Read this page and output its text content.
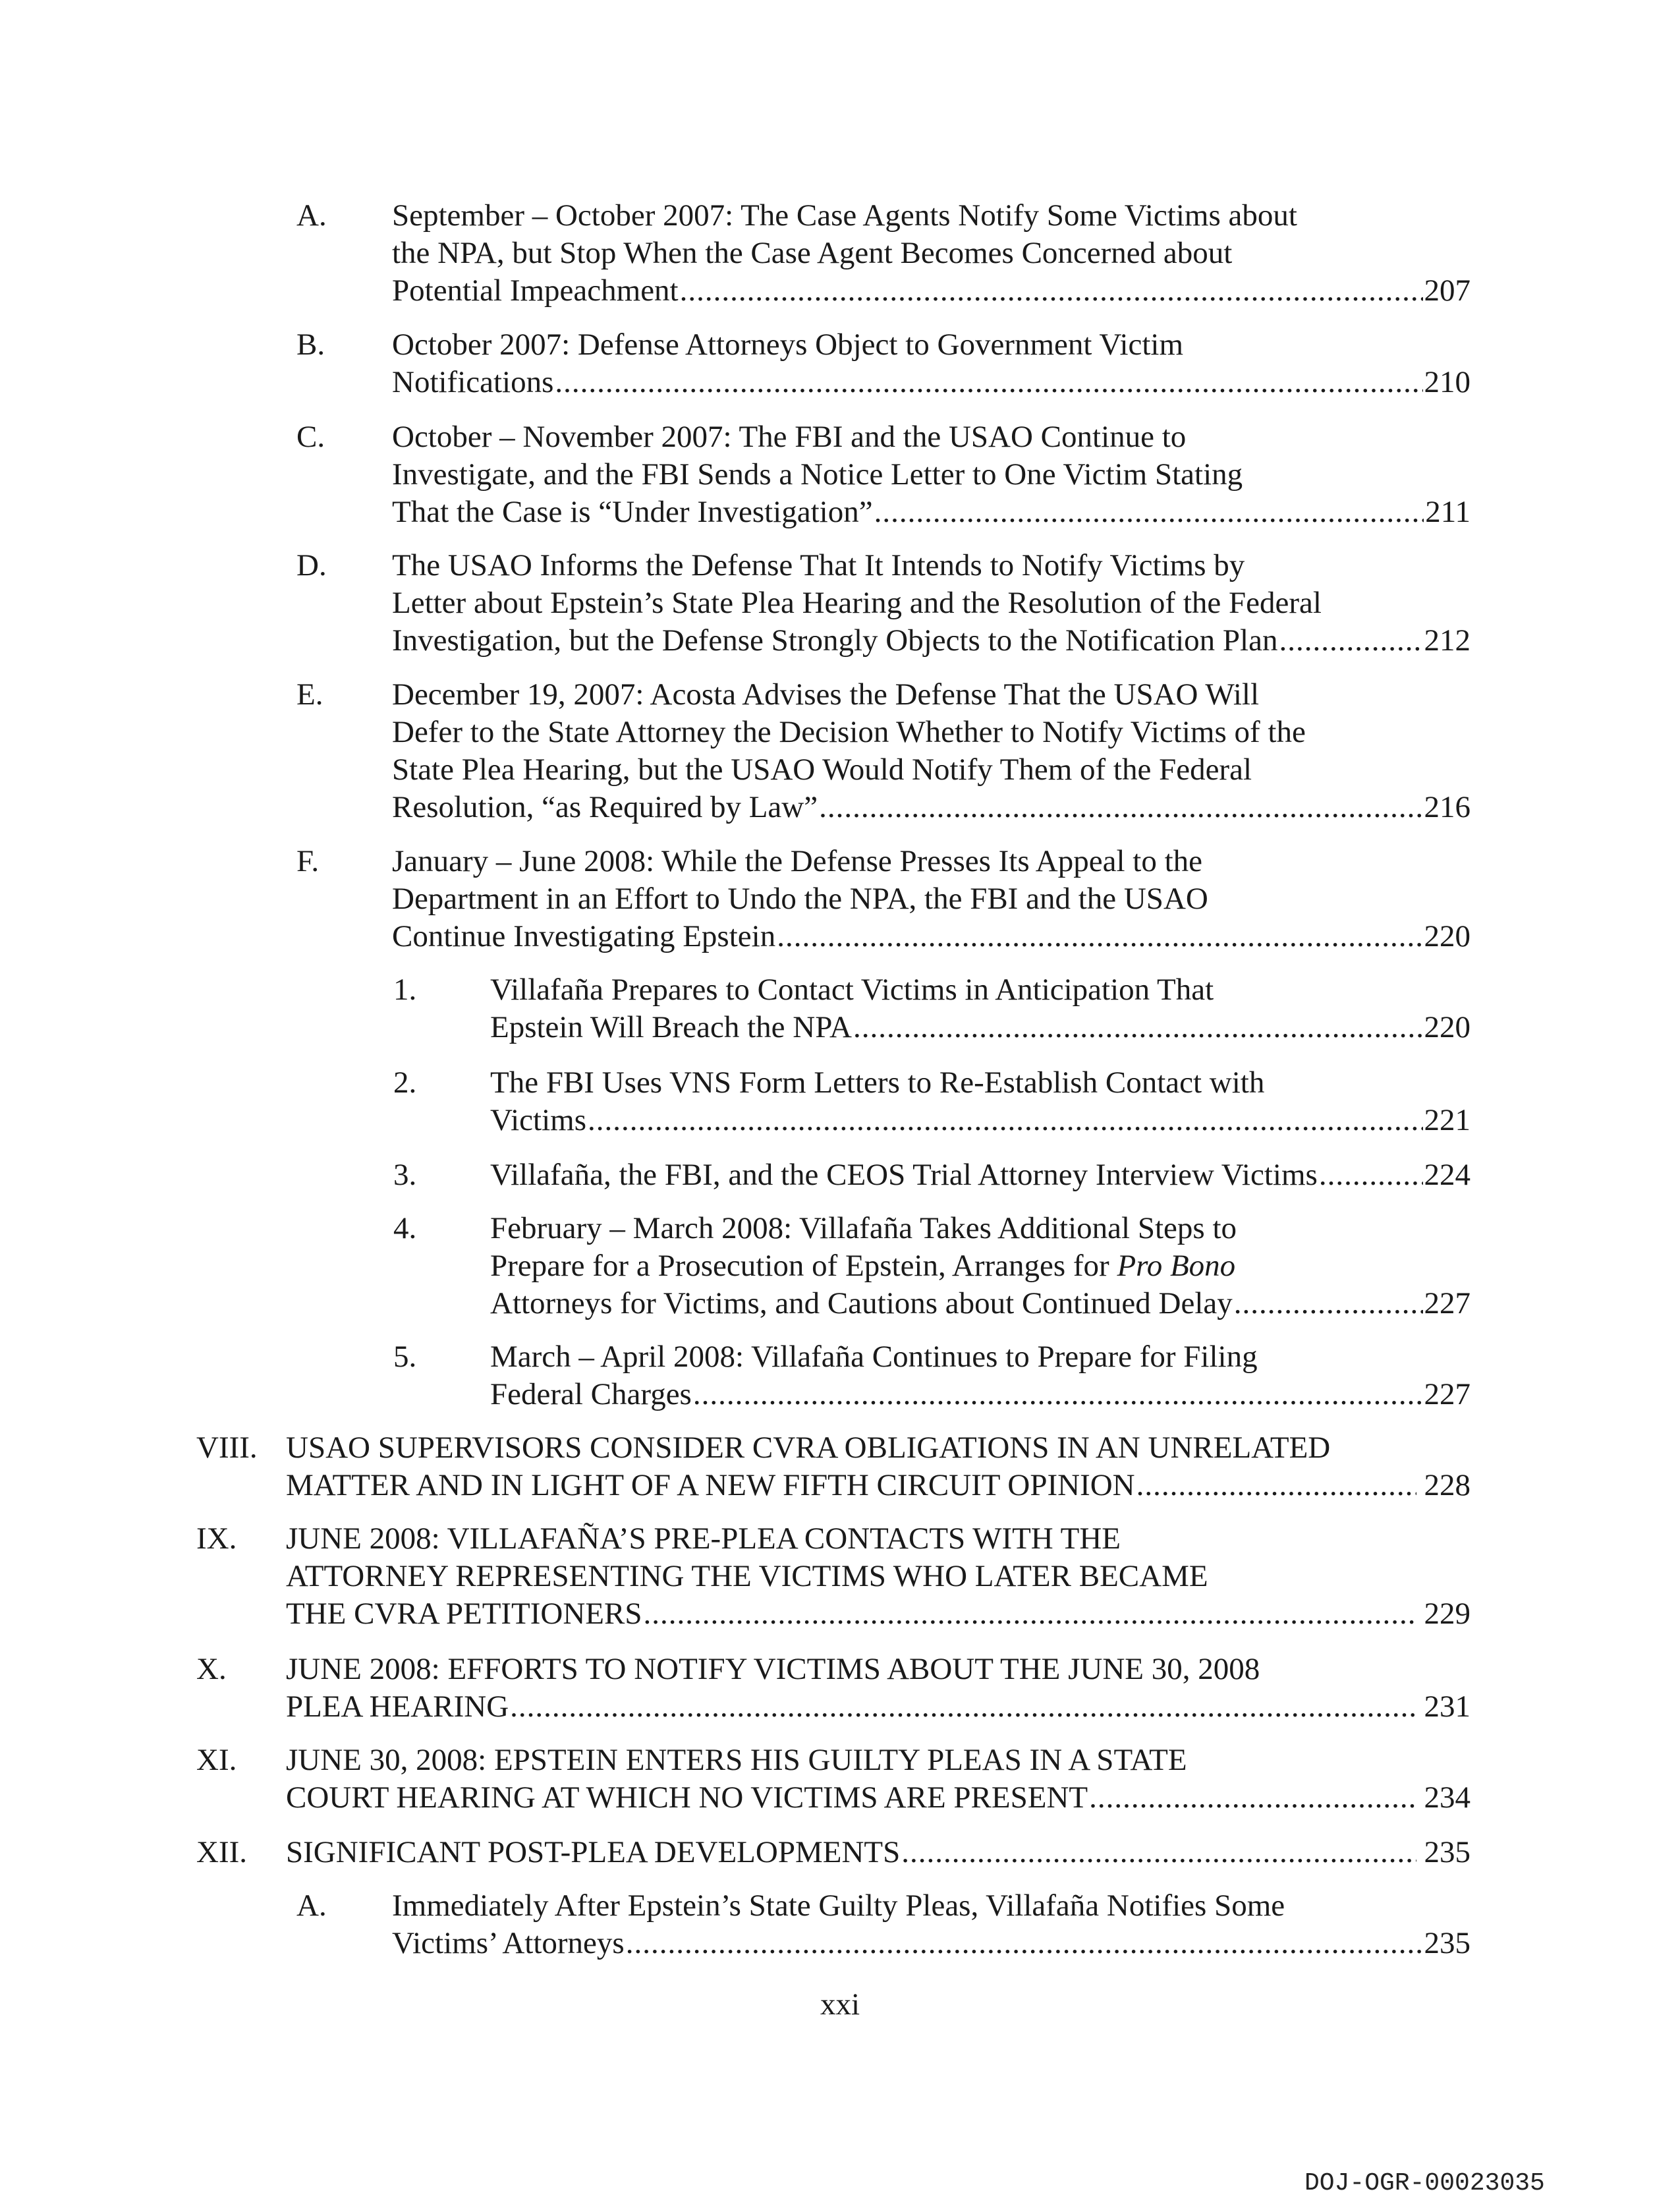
A. September – October 2007: The Case Agents Notify Some Victims about
the NPA, but Stop When the Case Agent Becomes Concerned about
Potential Impeachment .....	207
B. October 2007: Defense Attorneys Object to Government Victim
Notifications .....	210
C. October – November 2007: The FBI and the USAO Continue to
Investigate, and the FBI Sends a Notice Letter to One Victim Stating
That the Case is “Under Investigation” .....	211
D. The USAO Informs the Defense That It Intends to Notify Victims by
Letter about Epstein’s State Plea Hearing and the Resolution of the Federal
Investigation, but the Defense Strongly Objects to the Notification Plan .....	212
E. December 19, 2007: Acosta Advises the Defense That the USAO Will
Defer to the State Attorney the Decision Whether to Notify Victims of the
State Plea Hearing, but the USAO Would Notify Them of the Federal
Resolution, “as Required by Law” .....	216
F. January – June 2008: While the Defense Presses Its Appeal to the
Department in an Effort to Undo the NPA, the FBI and the USAO
Continue Investigating Epstein .....	220
1. Villafaña Prepares to Contact Victims in Anticipation That
Epstein Will Breach the NPA .....	220
2. The FBI Uses VNS Form Letters to Re-Establish Contact with
Victims .....	221
3. Villafaña, the FBI, and the CEOS Trial Attorney Interview Victims .....	224
4. February – March 2008: Villafaña Takes Additional Steps to
Prepare for a Prosecution of Epstein, Arranges for Pro Bono
Attorneys for Victims, and Cautions about Continued Delay .....	227
5. March – April 2008: Villafaña Continues to Prepare for Filing
Federal Charges .....	227
VIII. USAO SUPERVISORS CONSIDER CVRA OBLIGATIONS IN AN UNRELATED
MATTER AND IN LIGHT OF A NEW FIFTH CIRCUIT OPINION .....	228
IX. JUNE 2008: VILLAFAÑA’S PRE-PLEA CONTACTS WITH THE
ATTORNEY REPRESENTING THE VICTIMS WHO LATER BECAME
THE CVRA PETITIONERS .....	229
X. JUNE 2008: EFFORTS TO NOTIFY VICTIMS ABOUT THE JUNE 30, 2008
PLEA HEARING .....	231
XI. JUNE 30, 2008: EPSTEIN ENTERS HIS GUILTY PLEAS IN A STATE
COURT HEARING AT WHICH NO VICTIMS ARE PRESENT .....	234
XII. SIGNIFICANT POST-PLEA DEVELOPMENTS .....	235
A. Immediately After Epstein’s State Guilty Pleas, Villafaña Notifies Some
Victims’ Attorneys .....	235
xxi
DOJ-OGR-00023035
